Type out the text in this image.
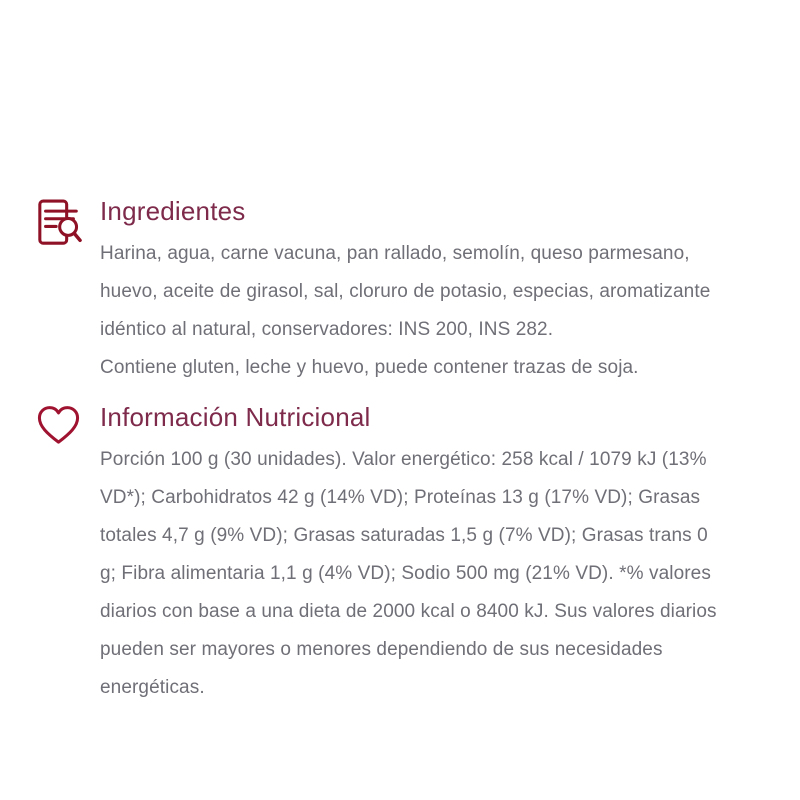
Ingredientes

Harina, agua, carne vacuna, pan rallado, semolín, queso parmesano, huevo, aceite de girasol, sal, cloruro de potasio, especias, aromatizante idéntico al natural, conservadores: INS 200, INS 282.

Contiene gluten, leche y huevo, puede contener trazas de soja.

Información Nutricional

Porción 100 g (30 unidades). Valor energético: 258 kcal / 1079 kJ (13% VD*); Carbohidratos 42 g (14% VD); Proteínas 13 g (17% VD); Grasas totales 4,7 g (9% VD); Grasas saturadas 1,5 g (7% VD); Grasas trans 0 g; Fibra alimentaria 1,1 g (4% VD); Sodio 500 mg (21% VD). *% valores diarios con base a una dieta de 2000 kcal o 8400 kJ. Sus valores diarios pueden ser mayores o menores dependiendo de sus necesidades energéticas.
